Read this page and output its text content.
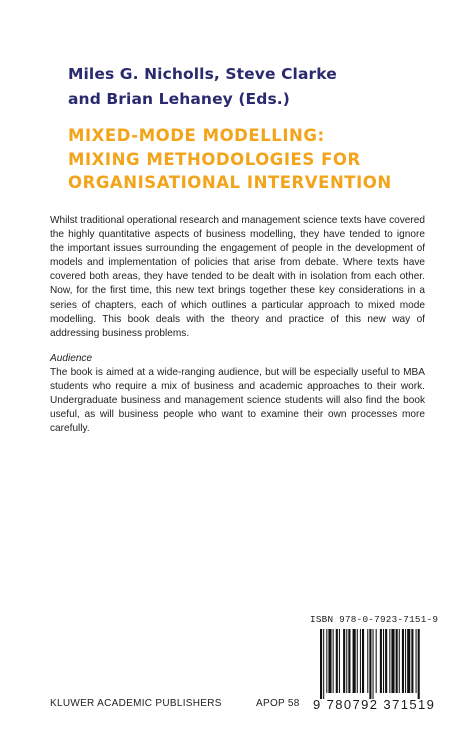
Miles G. Nicholls, Steve Clarke
and Brian Lehaney (Eds.)
MIXED-MODE MODELLING:
MIXING METHODOLOGIES FOR
ORGANISATIONAL INTERVENTION

Whilst traditional operational research and management science texts have covered the highly quantitative aspects of business modelling, they have tended to ignore the important issues surrounding the engagement of people in the development of models and implementation of policies that arise from debate. Where texts have covered both areas, they have tended to be dealt with in isolation from each other. Now, for the first time, this new text brings together these key considerations in a series of chapters, each of which outlines a particular approach to mixed mode modelling. This book deals with the theory and practice of this new way of addressing business problems.

Audience

The book is aimed at a wide-ranging audience, but will be especially useful to MBA students who require a mix of business and academic approaches to their work. Undergraduate business and management science students will also find the book useful, as will business people who want to examine their own processes more carefully.

ISBN 978-0-7923-7151-9
9 780792 371519
KLUWER ACADEMIC PUBLISHERS	APOP 58
